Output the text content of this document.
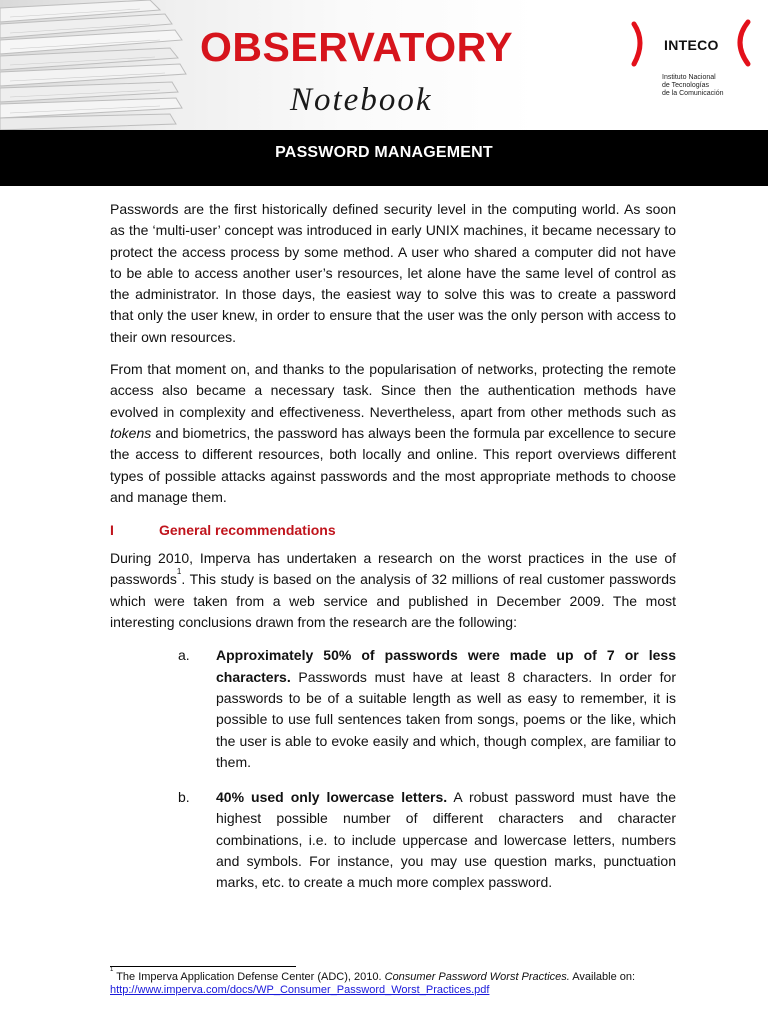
OBSERVATORY
Notebook
INTECO
Instituto Nacional
de Tecnologías
de la Comunicación
PASSWORD MANAGEMENT

Passwords are the first historically defined security level in the computing world. As soon as the ‘multi-user’ concept was introduced in early UNIX machines, it became necessary to protect the access process by some method. A user who shared a computer did not have to be able to access another user’s resources, let alone have the same level of control as the administrator. In those days, the easiest way to solve this was to create a password that only the user knew, in order to ensure that the user was the only person with access to their own resources.

From that moment on, and thanks to the popularisation of networks, protecting the remote access also became a necessary task. Since then the authentication methods have evolved in complexity and effectiveness. Nevertheless, apart from other methods such as tokens and biometrics, the password has always been the formula par excellence to secure the access to different resources, both locally and online. This report overviews different types of possible attacks against passwords and the most appropriate methods to choose and manage them.

I	General recommendations

During 2010, Imperva has undertaken a research on the worst practices in the use of passwords$^1$. This study is based on the analysis of 32 millions of real customer passwords which were taken from a web service and published in December 2009. The most interesting conclusions drawn from the research are the following:

a. Approximately 50% of passwords were made up of 7 or less characters. Passwords must have at least 8 characters. In order for passwords to be of a suitable length as well as easy to remember, it is possible to use full sentences taken from songs, poems or the like, which the user is able to evoke easily and which, though complex, are familiar to them.

b. 40% used only lowercase letters. A robust password must have the highest possible number of different characters and character combinations, i.e. to include uppercase and lowercase letters, numbers and symbols. For instance, you may use question marks, punctuation marks, etc. to create a much more complex password.

$^1$ The Imperva Application Defense Center (ADC), 2010. Consumer Password Worst Practices. Available on:
http://www.imperva.com/docs/WP_Consumer_Password_Worst_Practices.pdf
